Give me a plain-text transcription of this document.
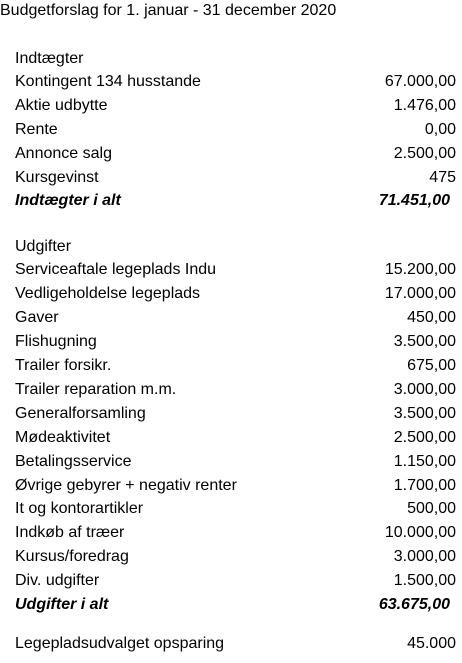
Budgetforslag for 1. januar - 31 december 2020
Indtægter
Kontingent 134 husstande	67.000,00
Aktie udbytte	1.476,00
Rente	0,00
Annonce salg	2.500,00
Kursgevinst	475
Indtægter i alt	71.451,00
Udgifter
Serviceaftale legeplads Indu	15.200,00
Vedligeholdelse legeplads	17.000,00
Gaver	450,00
Flishugning	3.500,00
Trailer forsikr.	675,00
Trailer reparation m.m.	3.000,00
Generalforsamling	3.500,00
Mødeaktivitet	2.500,00
Betalingsservice	1.150,00
Øvrige gebyrer + negativ renter	1.700,00
It og kontorartikler	500,00
Indkøb af træer	10.000,00
Kursus/foredrag	3.000,00
Div. udgifter	1.500,00
Udgifter i alt	63.675,00
Legepladsudvalget opsparing	45.000
